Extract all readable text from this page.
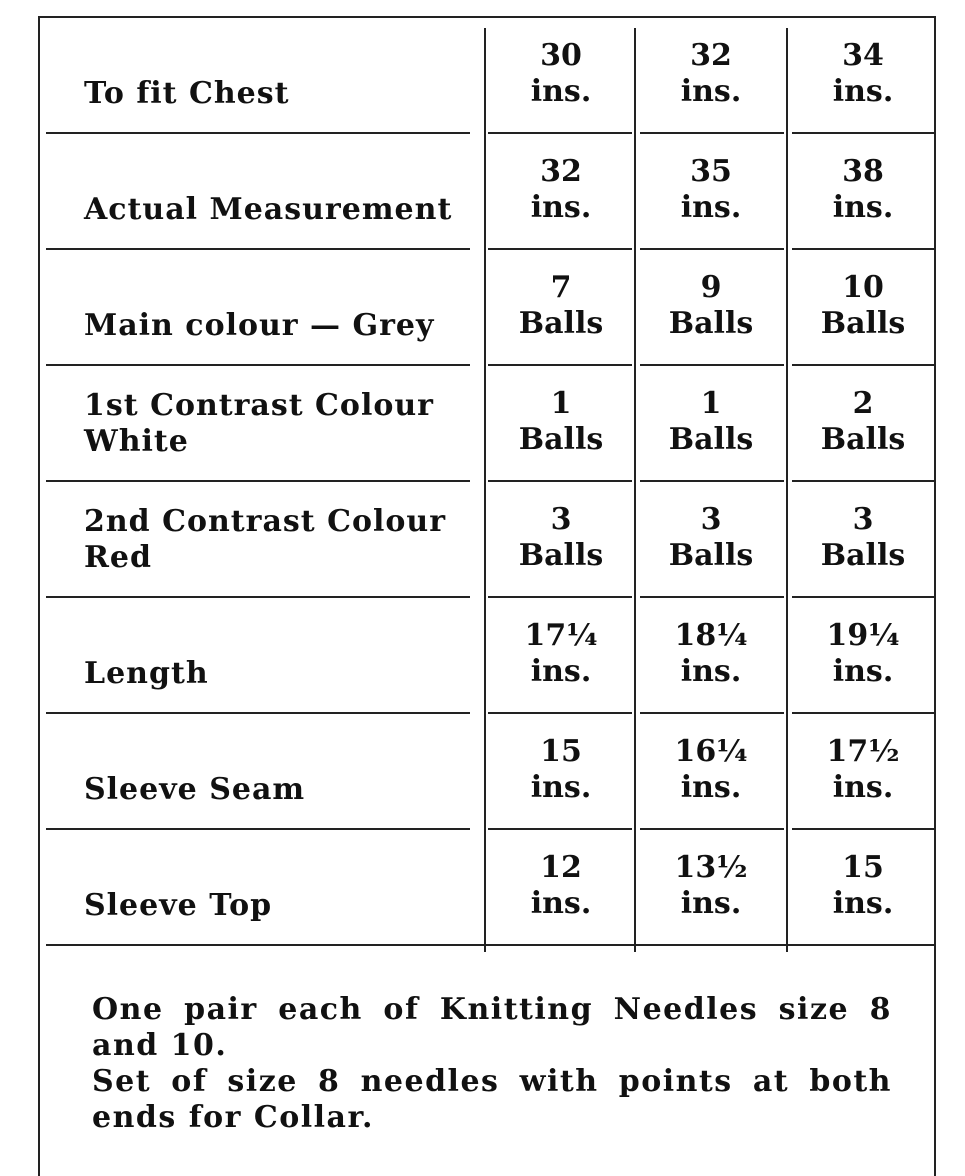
To fit Chest
30
ins.
32
ins.
34
ins.
Actual Measurement
32
ins.
35
ins.
38
ins.
Main colour — Grey
7
Balls
9
Balls
10
Balls
1st Contrast Colour
White
1
Balls
1
Balls
2
Balls
2nd Contrast Colour
Red
3
Balls
3
Balls
3
Balls
Length
17¼
ins.
18¼
ins.
19¼
ins.
Sleeve Seam
15
ins.
16¼
ins.
17½
ins.
Sleeve Top
12
ins.
13½
ins.
15
ins.

One pair each of Knitting Needles size 8 and 10.

Set of size 8 needles with points at both ends for Collar.
